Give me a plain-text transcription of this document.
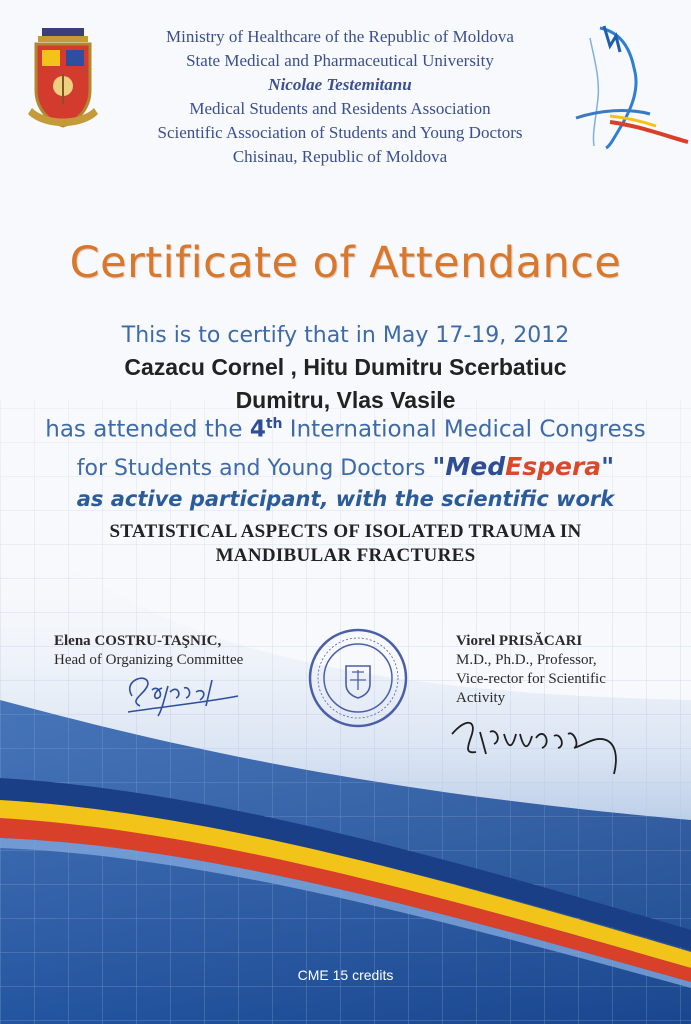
Ministry of Healthcare of the Republic of Moldova
State Medical and Pharmaceutical University
Nicolae Testemitanu
Medical Students and Residents Association
Scientific Association of Students and Young Doctors
Chisinau, Republic of Moldova
Certificate of Attendance
This is to certify that in May 17-19, 2012
Cazacu Cornel , Hitu Dumitru Scerbatiuc
Dumitru, Vlas Vasile
has attended the 4th International Medical Congress
for Students and Young Doctors "MedEspera"
as active participant, with the scientific work
STATISTICAL ASPECTS OF ISOLATED TRAUMA IN
MANDIBULAR FRACTURES
Elena COSTRU-TAŞNIC,
Head of Organizing Committee
Viorel PRISĂCARI
M.D., Ph.D., Professor,
Vice-rector for Scientific
Activity
CME 15 credits
